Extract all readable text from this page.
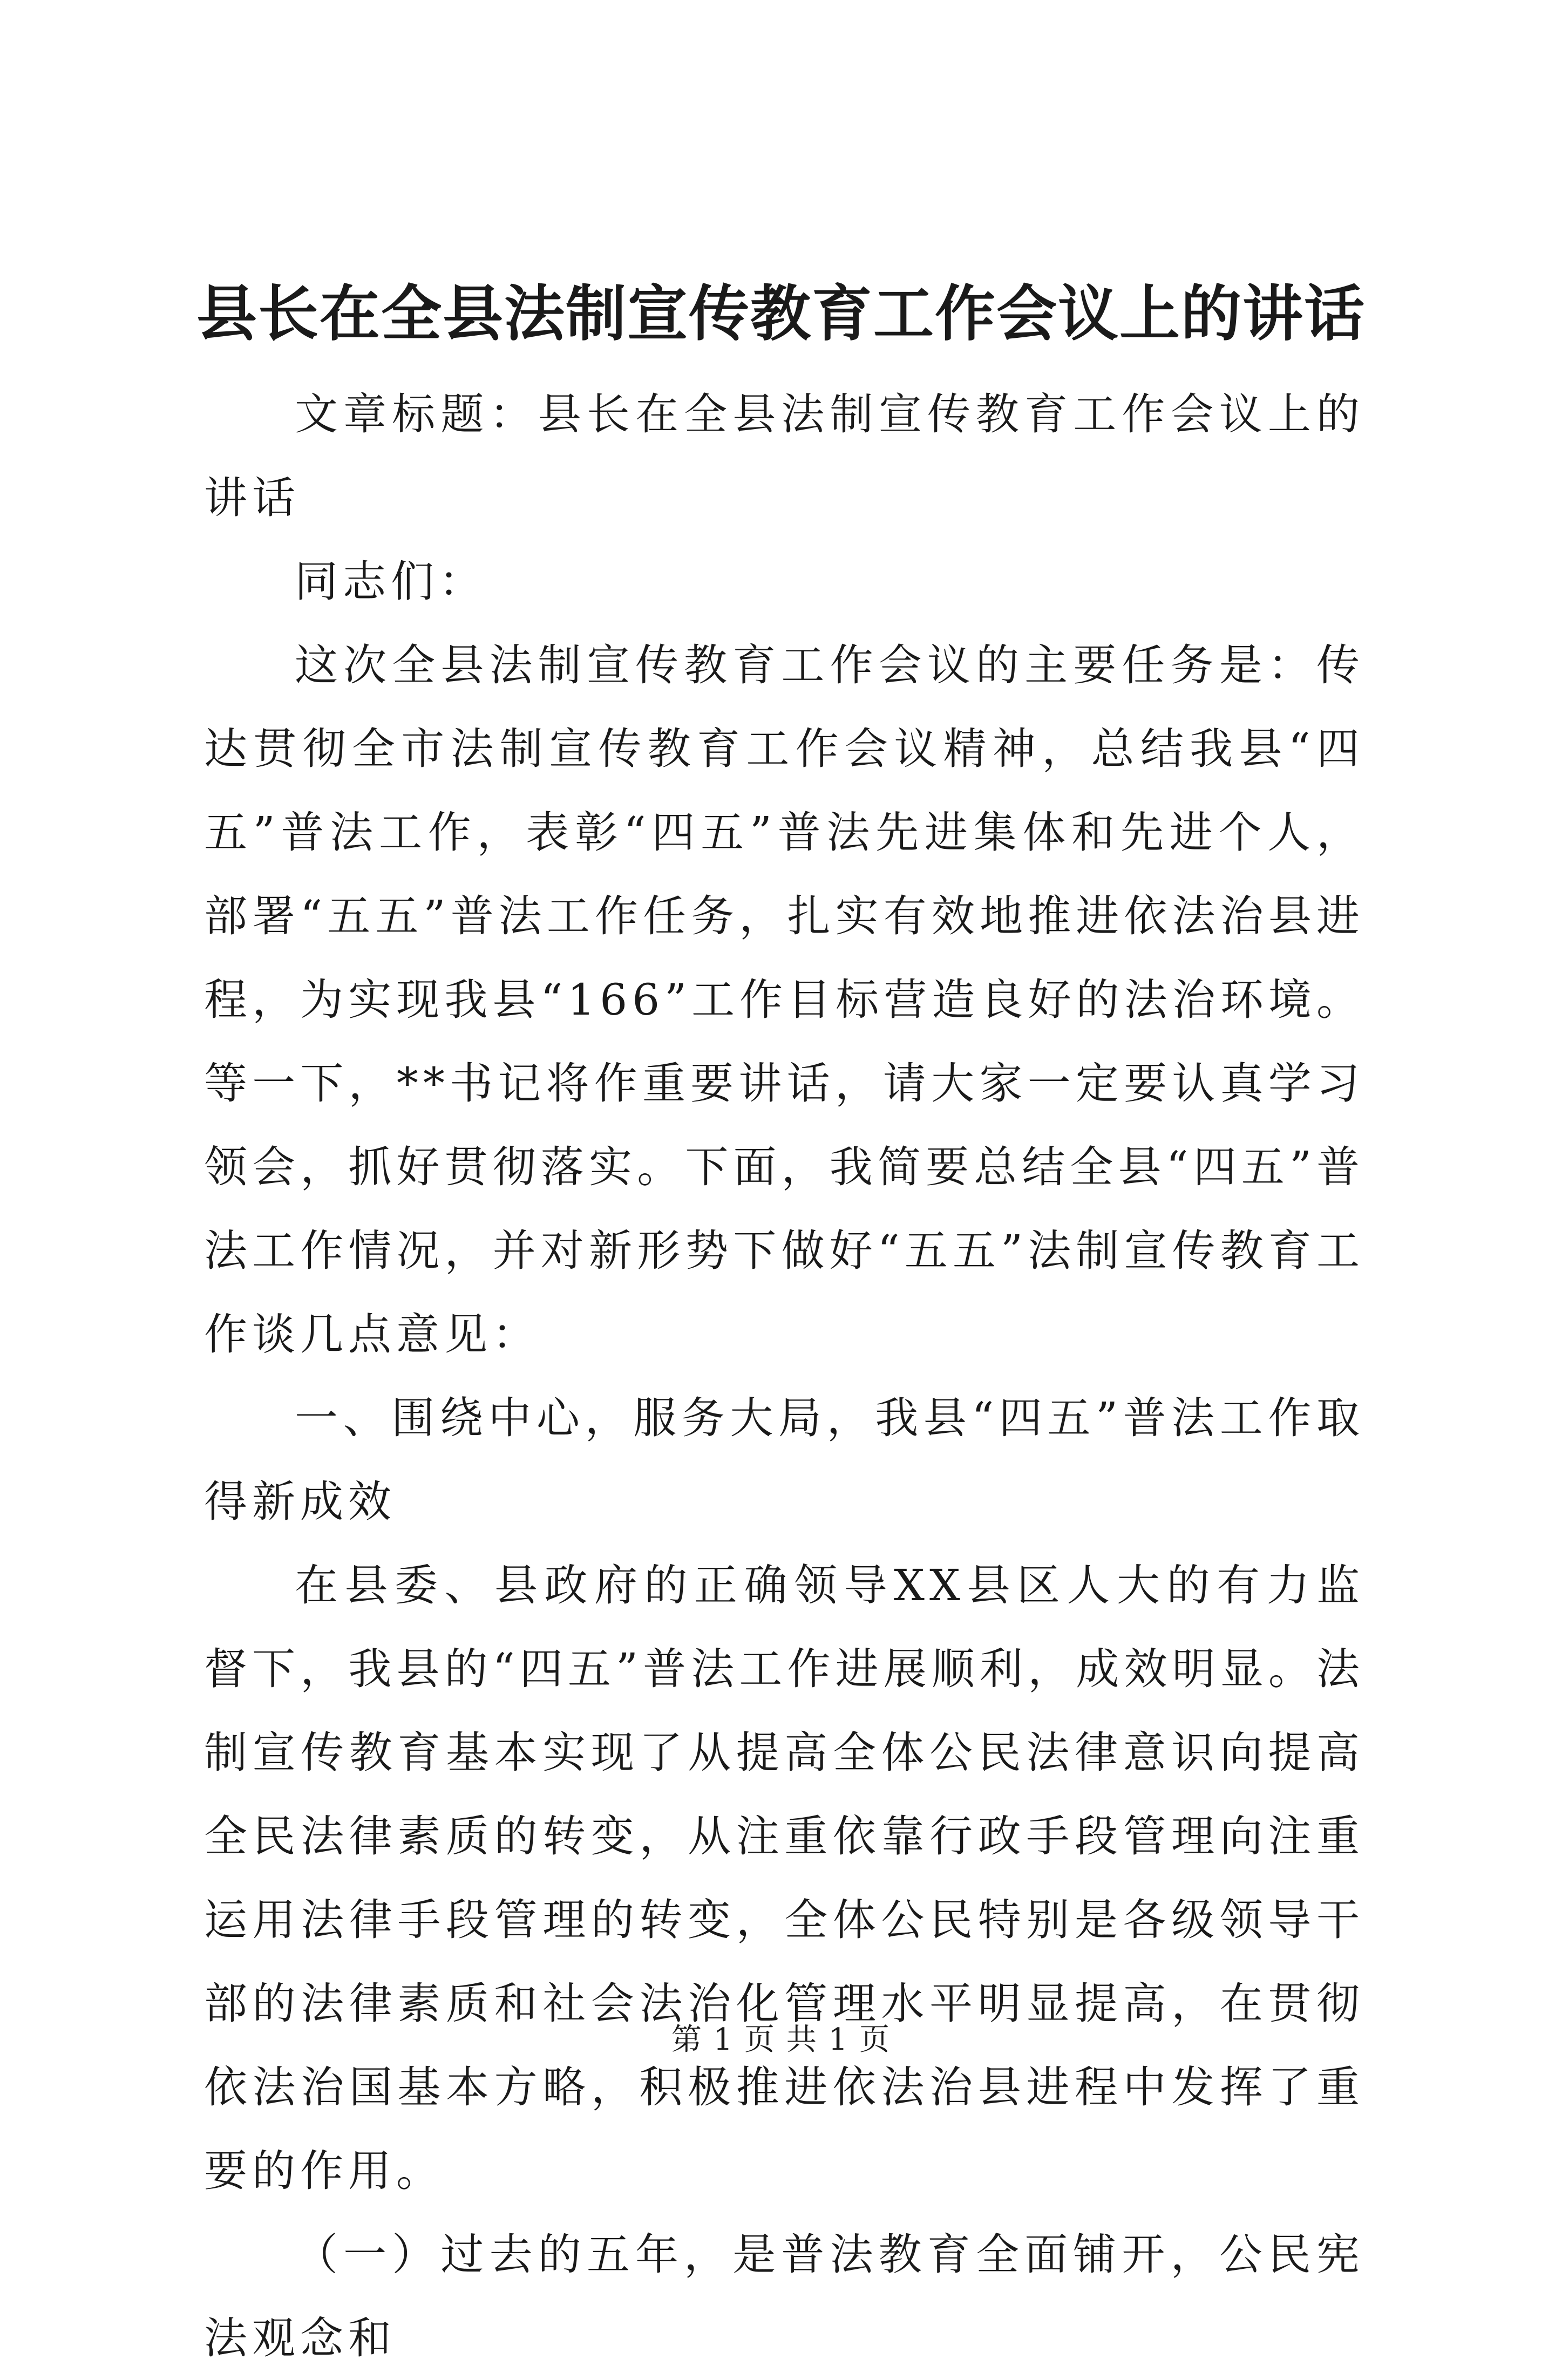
县长在全县法制宣传教育工作会议上的讲话

文章标题：县长在全县法制宣传教育工作会议上的讲话

同志们：

这次全县法制宣传教育工作会议的主要任务是：传达贯彻全市法制宣传教育工作会议精神，总结我县“四五”普法工作，表彰“四五”普法先进集体和先进个人，部署“五五”普法工作任务，扎实有效地推进依法治县进程，为实现我县“166”工作目标营造良好的法治环境。等一下，**书记将作重要讲话，请大家一定要认真学习领会，抓好贯彻落实。下面，我简要总结全县“四五”普法工作情况，并对新形势下做好“五五”法制宣传教育工作谈几点意见：

一、围绕中心，服务大局，我县“四五”普法工作取得新成效

在县委、县政府的正确领导XX县区人大的有力监督下，我县的“四五”普法工作进展顺利，成效明显。法制宣传教育基本实现了从提高全体公民法律意识向提高全民法律素质的转变，从注重依靠行政手段管理向注重运用法律手段管理的转变，全体公民特别是各级领导干部的法律素质和社会法治化管理水平明显提高，在贯彻依法治国基本方略，积极推进依法治县进程中发挥了重要的作用。

（一）过去的五年，是普法教育全面铺开，公民宪法观念和

第 1 页 共 1 页
